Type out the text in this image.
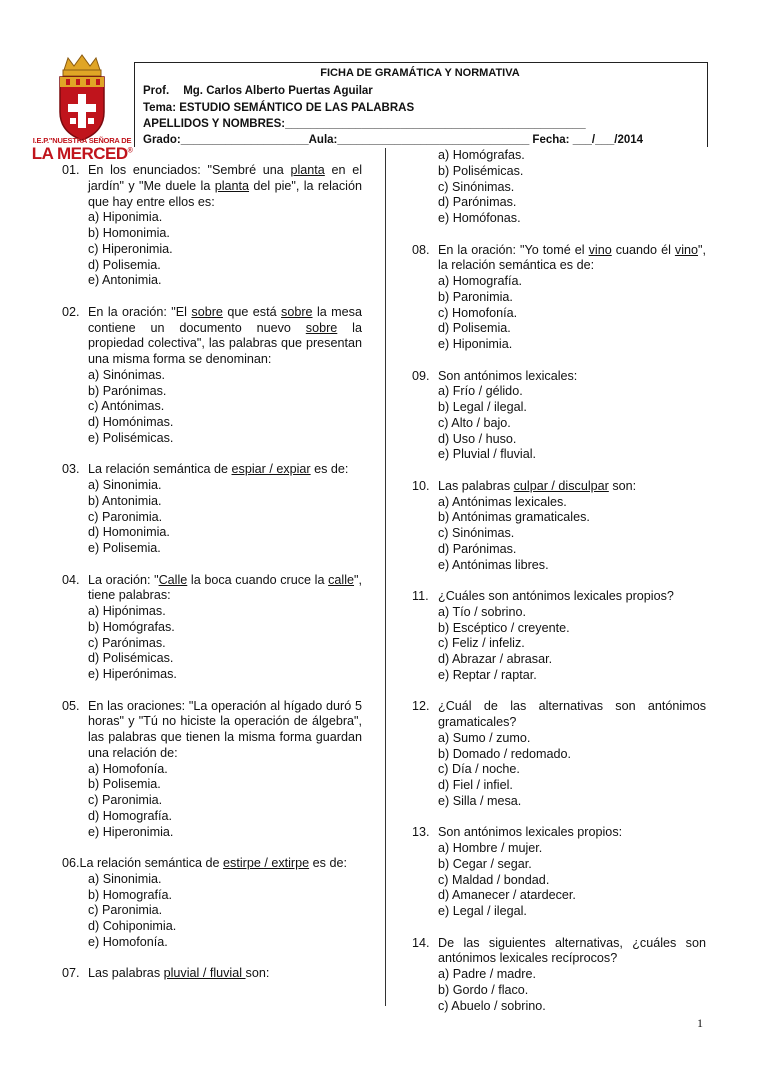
I.E.P."NUESTRA SEÑORA DE
LA MERCED®
FICHA DE GRAMÁTICA Y NORMATIVA
Prof. Mg. Carlos Alberto Puertas Aguilar
Tema: ESTUDIO SEMÁNTICO DE LAS PALABRAS
APELLIDOS Y NOMBRES:_______________________________________________
Grado:____________________Aula:______________________________ Fecha: ___/___/2014
01. En los enunciados: "Sembré una planta en el jardín" y "Me duele la planta del pie", la relación que hay entre ellos es:
a) Hiponimia.
b) Homonimia.
c) Hiperonimia.
d) Polisemia.
e) Antonimia.
02. En la oración: "El sobre que está sobre la mesa contiene un documento nuevo sobre la propiedad colectiva", las palabras que presentan una misma forma se denominan:
a) Sinónimas.
b) Parónimas.
c) Antónimas.
d) Homónimas.
e) Polisémicas.
03. La relación semántica de espiar / expiar es de:
a) Sinonimia.
b) Antonimia.
c) Paronimia.
d) Homonimia.
e) Polisemia.
04. La oración: "Calle la boca cuando cruce la calle", tiene palabras:
a) Hipónimas.
b) Homógrafas.
c) Parónimas.
d) Polisémicas.
e) Hiperónimas.
05. En las oraciones: "La operación al hígado duró 5 horas" y "Tú no hiciste la operación de álgebra", las palabras que tienen la misma forma guardan una relación de:
a) Homofonía.
b) Polisemia.
c) Paronimia.
d) Homografía.
e) Hiperonimia.
06. La relación semántica de estirpe / extirpe es de:
a) Sinonimia.
b) Homografía.
c) Paronimia.
d) Cohiponimia.
e) Homofonía.
07. Las palabras pluvial / fluvial son:
a) Homógrafas.
b) Polisémicas.
c) Sinónimas.
d) Parónimas.
e) Homófonas.
08. En la oración: "Yo tomé el vino cuando él vino", la relación semántica es de:
a) Homografía.
b) Paronimia.
c) Homofonía.
d) Polisemia.
e) Hiponimia.
09. Son antónimos lexicales:
a) Frío / gélido.
b) Legal / ilegal.
c) Alto / bajo.
d) Uso / huso.
e) Pluvial / fluvial.
10. Las palabras culpar / disculpar son:
a) Antónimas lexicales.
b) Antónimas gramaticales.
c) Sinónimas.
d) Parónimas.
e) Antónimas libres.
11. ¿Cuáles son antónimos lexicales propios?
a) Tío / sobrino.
b) Escéptico / creyente.
c) Feliz / infeliz.
d) Abrazar / abrasar.
e) Reptar / raptar.
12. ¿Cuál de las alternativas son antónimos gramaticales?
a) Sumo / zumo.
b) Domado / redomado.
c) Día / noche.
d) Fiel / infiel.
e) Silla / mesa.
13. Son antónimos lexicales propios:
a) Hombre / mujer.
b) Cegar / segar.
c) Maldad / bondad.
d) Amanecer / atardecer.
e) Legal / ilegal.
14. De las siguientes alternativas, ¿cuáles son antónimos lexicales recíprocos?
a) Padre / madre.
b) Gordo / flaco.
c) Abuelo / sobrino.
1
